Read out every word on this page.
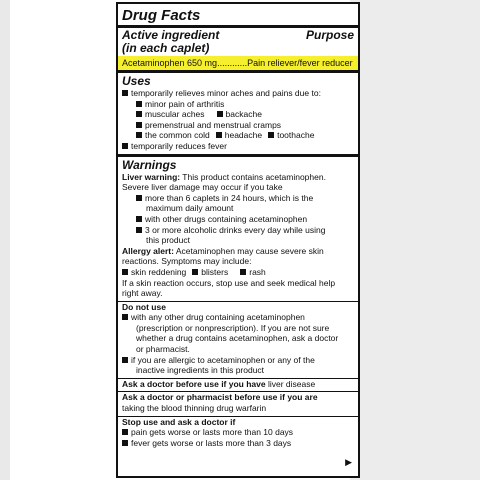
Drug Facts
Active ingredient
(in each caplet)
Purpose
Acetaminophen 650 mg............ Pain reliever/fever reducer
Uses
temporarily relieves minor aches and pains due to:
minor pain of arthritis
muscular aches backache
premenstrual and menstrual cramps
the common cold headache toothache
temporarily reduces fever
Warnings
Liver warning: This product contains acetaminophen.
Severe liver damage may occur if you take
more than 6 caplets in 24 hours, which is the
maximum daily amount
with other drugs containing acetaminophen
3 or more alcoholic drinks every day while using
this product
Allergy alert: Acetaminophen may cause severe skin
reactions. Symptoms may include:
skin reddening blisters rash
If a skin reaction occurs, stop use and seek medical help
right away.
Do not use
with any other drug containing acetaminophen
(prescription or nonprescription). If you are not sure
whether a drug contains acetaminophen, ask a doctor
or pharmacist.
if you are allergic to acetaminophen or any of the
inactive ingredients in this product
Ask a doctor before use if you have liver disease
Ask a doctor or pharmacist before use if you are
taking the blood thinning drug warfarin
Stop use and ask a doctor if
pain gets worse or lasts more than 10 days
fever gets worse or lasts more than 3 days
▶
